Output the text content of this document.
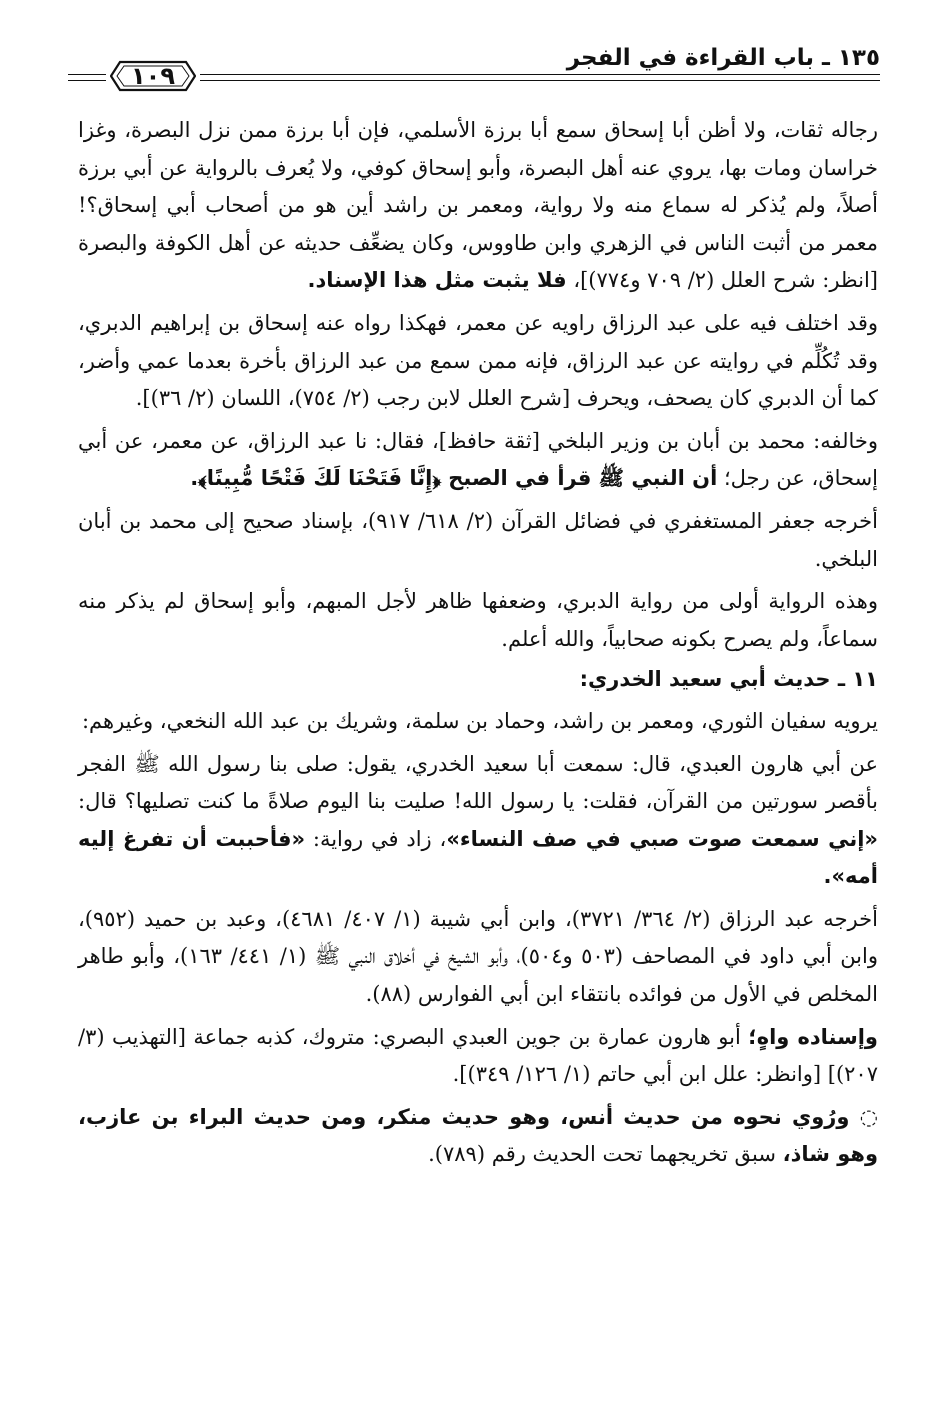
١٣٥ ـ باب القراءة في الفجر
١٠٩

رجاله ثقات، ولا أظن أبا إسحاق سمع أبا برزة الأسلمي، فإن أبا برزة ممن نزل البصرة، وغزا خراسان ومات بها، يروي عنه أهل البصرة، وأبو إسحاق كوفي، ولا يُعرف بالرواية عن أبي برزة أصلاً، ولم يُذكر له سماع منه ولا رواية، ومعمر بن راشد أين هو من أصحاب أبي إسحاق؟! معمر من أثبت الناس في الزهري وابن طاووس، وكان يضعِّف حديثه عن أهل الكوفة والبصرة [انظر: شرح العلل (٢/ ٧٠٩ و٧٧٤)]، فلا يثبت مثل هذا الإسناد.

وقد اختلف فيه على عبد الرزاق راويه عن معمر، فهكذا رواه عنه إسحاق بن إبراهيم الدبري، وقد تُكُلِّم في روايته عن عبد الرزاق، فإنه ممن سمع من عبد الرزاق بأخرة بعدما عمي وأضر، كما أن الدبري كان يصحف، ويحرف [شرح العلل لابن رجب (٢/ ٧٥٤)، اللسان (٢/ ٣٦)].

وخالفه: محمد بن أبان بن وزير البلخي [ثقة حافظ]، فقال: نا عبد الرزاق، عن معمر، عن أبي إسحاق، عن رجل؛ أن النبي ﷺ قرأ في الصبح ﴿إِنَّا فَتَحْنَا لَكَ فَتْحًا مُّبِينًا﴾.

أخرجه جعفر المستغفري في فضائل القرآن (٢/ ٦١٨/ ٩١٧)، بإسناد صحيح إلى محمد بن أبان البلخي.

وهذه الرواية أولى من رواية الدبري، وضعفها ظاهر لأجل المبهم، وأبو إسحاق لم يذكر منه سماعاً، ولم يصرح بكونه صحابياً، والله أعلم.

١١ ـ حديث أبي سعيد الخدري:

يرويه سفيان الثوري، ومعمر بن راشد، وحماد بن سلمة، وشريك بن عبد الله النخعي، وغيرهم:

عن أبي هارون العبدي، قال: سمعت أبا سعيد الخدري، يقول: صلى بنا رسول الله ﷺ الفجر بأقصر سورتين من القرآن، فقلت: يا رسول الله! صليت بنا اليوم صلاةً ما كنت تصليها؟ قال: «إني سمعت صوت صبي في صف النساء»، زاد في رواية: «فأحببت أن تفرغ إليه أمه».

أخرجه عبد الرزاق (٢/ ٣٦٤/ ٣٧٢١)، وابن أبي شيبة (١/ ٤٠٧/ ٤٦٨١)، وعبد بن حميد (٩٥٢)، وابن أبي داود في المصاحف (٥٠٣ و٥٠٤)، وأبو الشيخ في أخلاق النبي ﷺ (١/ ٤٤١/ ١٦٣)، وأبو طاهر المخلص في الأول من فوائده بانتقاء ابن أبي الفوارس (٨٨).

وإسناده واهٍ؛ أبو هارون عمارة بن جوين العبدي البصري: متروك، كذبه جماعة [التهذيب (٣/ ٢٠٧)] [وانظر: علل ابن أبي حاتم (١/ ١٢٦/ ٣٤٩)].

◌ ورُوي نحوه من حديث أنس، وهو حديث منكر، ومن حديث البراء بن عازب، وهو شاذ، سبق تخريجهما تحت الحديث رقم (٧٨٩).
